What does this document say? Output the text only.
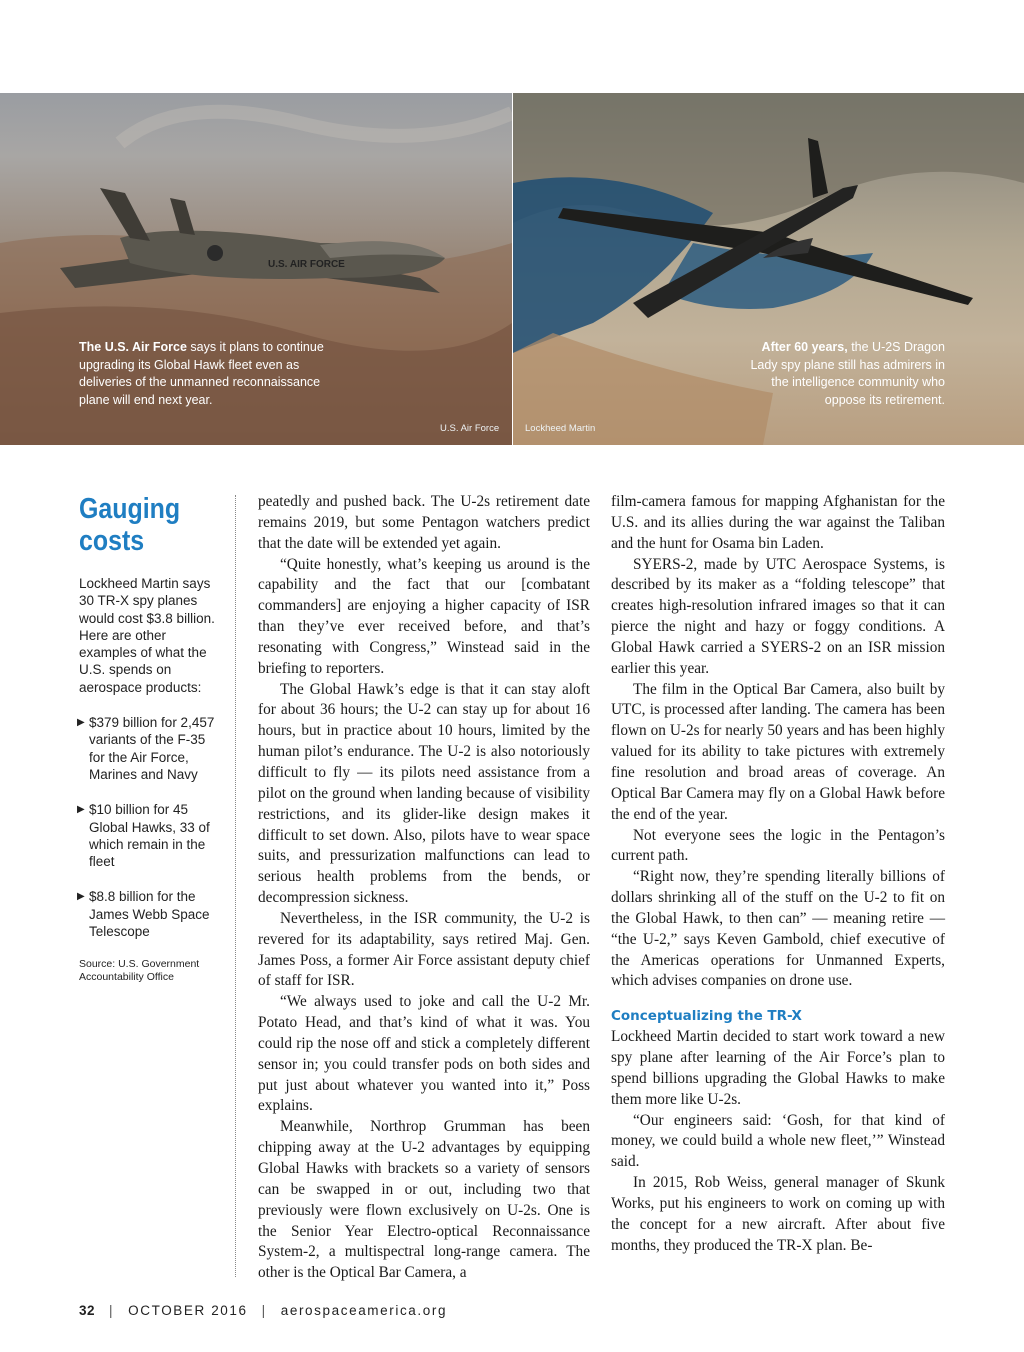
U.S. AIR FORCE
The U.S. Air Force says it plans to continue upgrading its Global Hawk fleet even as deliveries of the unmanned reconnaissance plane will end next year.
U.S. Air Force
After 60 years, the U-2S Dragon Lady spy plane still has admirers in the intelligence community who oppose its retirement.
Lockheed Martin
Gauging costs

Lockheed Martin says 30 TR-X spy planes would cost $3.8 billion. Here are other examples of what the U.S. spends on aerospace products:

▶ $379 billion for 2,457 variants of the F-35 for the Air Force, Marines and Navy
▶ $10 billion for 45 Global Hawks, 33 of which remain in the fleet
▶ $8.8 billion for the James Webb Space Telescope
Source: U.S. Government Accountability Office

peatedly and pushed back. The U-2s retirement date remains 2019, but some Pentagon watchers predict that the date will be extended yet again.

“Quite honestly, what’s keeping us around is the capability and the fact that our [combatant commanders] are enjoying a higher capacity of ISR than they’ve ever received before, and that’s resonating with Congress,” Winstead said in the briefing to reporters.

The Global Hawk’s edge is that it can stay aloft for about 36 hours; the U-2 can stay up for about 16 hours, but in practice about 10 hours, limited by the human pilot’s endurance. The U-2 is also notoriously difficult to fly — its pilots need assistance from a pilot on the ground when landing because of visibility restrictions, and its glider-like design makes it difficult to set down. Also, pilots have to wear space suits, and pressurization malfunctions can lead to serious health problems from the bends, or decompression sickness.

Nevertheless, in the ISR community, the U-2 is revered for its adaptability, says retired Maj. Gen. James Poss, a former Air Force assistant deputy chief of staff for ISR.

“We always used to joke and call the U-2 Mr. Potato Head, and that’s kind of what it was. You could rip the nose off and stick a completely different sensor in; you could transfer pods on both sides and put just about whatever you wanted into it,” Poss explains.

Meanwhile, Northrop Grumman has been chipping away at the U-2 advantages by equipping Global Hawks with brackets so a variety of sensors can be swapped in or out, including two that previously were flown exclusively on U-2s. One is the Senior Year Electro-optical Reconnaissance System-2, a multispectral long-range camera. The other is the Optical Bar Camera, a

film-camera famous for mapping Afghanistan for the U.S. and its allies during the war against the Taliban and the hunt for Osama bin Laden.

SYERS-2, made by UTC Aerospace Systems, is described by its maker as a “folding telescope” that creates high-resolution infrared images so that it can pierce the night and hazy or foggy conditions. A Global Hawk carried a SYERS-2 on an ISR mission earlier this year.

The film in the Optical Bar Camera, also built by UTC, is processed after landing. The camera has been flown on U-2s for nearly 50 years and has been highly valued for its ability to take pictures with extremely fine resolution and broad areas of coverage. An Optical Bar Camera may fly on a Global Hawk before the end of the year.

Not everyone sees the logic in the Pentagon’s current path.

“Right now, they’re spending literally billions of dollars shrinking all of the stuff on the U-2 to fit on the Global Hawk, to then can” — meaning retire — “the U-2,” says Keven Gambold, chief executive of the Americas operations for Unmanned Experts, which advises companies on drone use.

Conceptualizing the TR-X

Lockheed Martin decided to start work toward a new spy plane after learning of the Air Force’s plan to spend billions upgrading the Global Hawks to make them more like U-2s.

“Our engineers said: ‘Gosh, for that kind of money, we could build a whole new fleet,’” Winstead said.

In 2015, Rob Weiss, general manager of Skunk Works, put his engineers to work on coming up with the concept for a new aircraft. After about five months, they produced the TR-X plan. Be-

32 | OCTOBER 2016 | aerospaceamerica.org
